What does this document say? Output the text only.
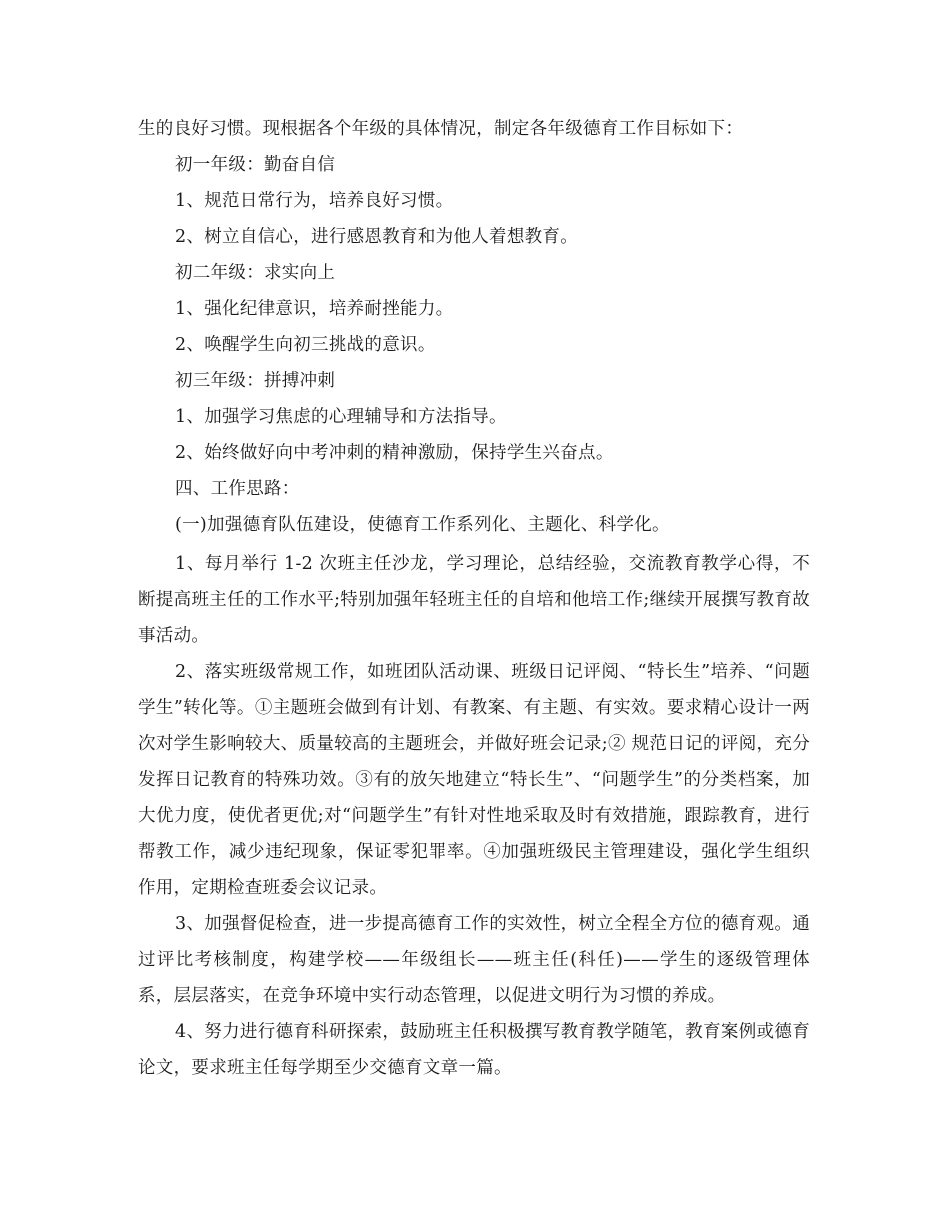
生的良好习惯。现根据各个年级的具体情况，制定各年级德育工作目标如下：

初一年级：勤奋自信

1、规范日常行为，培养良好习惯。

2、树立自信心，进行感恩教育和为他人着想教育。

初二年级：求实向上

1、强化纪律意识，培养耐挫能力。

2、唤醒学生向初三挑战的意识。

初三年级：拼搏冲刺

1、加强学习焦虑的心理辅导和方法指导。

2、始终做好向中考冲刺的精神激励，保持学生兴奋点。

四、工作思路：

(一)加强德育队伍建设，使德育工作系列化、主题化、科学化。

1、每月举行 1-2 次班主任沙龙，学习理论，总结经验，交流教育教学心得，不断提高班主任的工作水平;特别加强年轻班主任的自培和他培工作;继续开展撰写教育故事活动。

2、落实班级常规工作，如班团队活动课、班级日记评阅、“特长生”培养、“问题学生”转化等。①主题班会做到有计划、有教案、有主题、有实效。要求精心设计一两次对学生影响较大、质量较高的主题班会，并做好班会记录;② 规范日记的评阅，充分发挥日记教育的特殊功效。③有的放矢地建立“特长生”、“问题学生”的分类档案，加大优力度，使优者更优;对“问题学生”有针对性地采取及时有效措施，跟踪教育，进行帮教工作，减少违纪现象，保证零犯罪率。④加强班级民主管理建设，强化学生组织作用，定期检查班委会议记录。

3、加强督促检查，进一步提高德育工作的实效性，树立全程全方位的德育观。通过评比考核制度，构建学校——年级组长——班主任(科任)——学生的逐级管理体系，层层落实，在竞争环境中实行动态管理，以促进文明行为习惯的养成。

4、努力进行德育科研探索，鼓励班主任积极撰写教育教学随笔，教育案例或德育论文，要求班主任每学期至少交德育文章一篇。
